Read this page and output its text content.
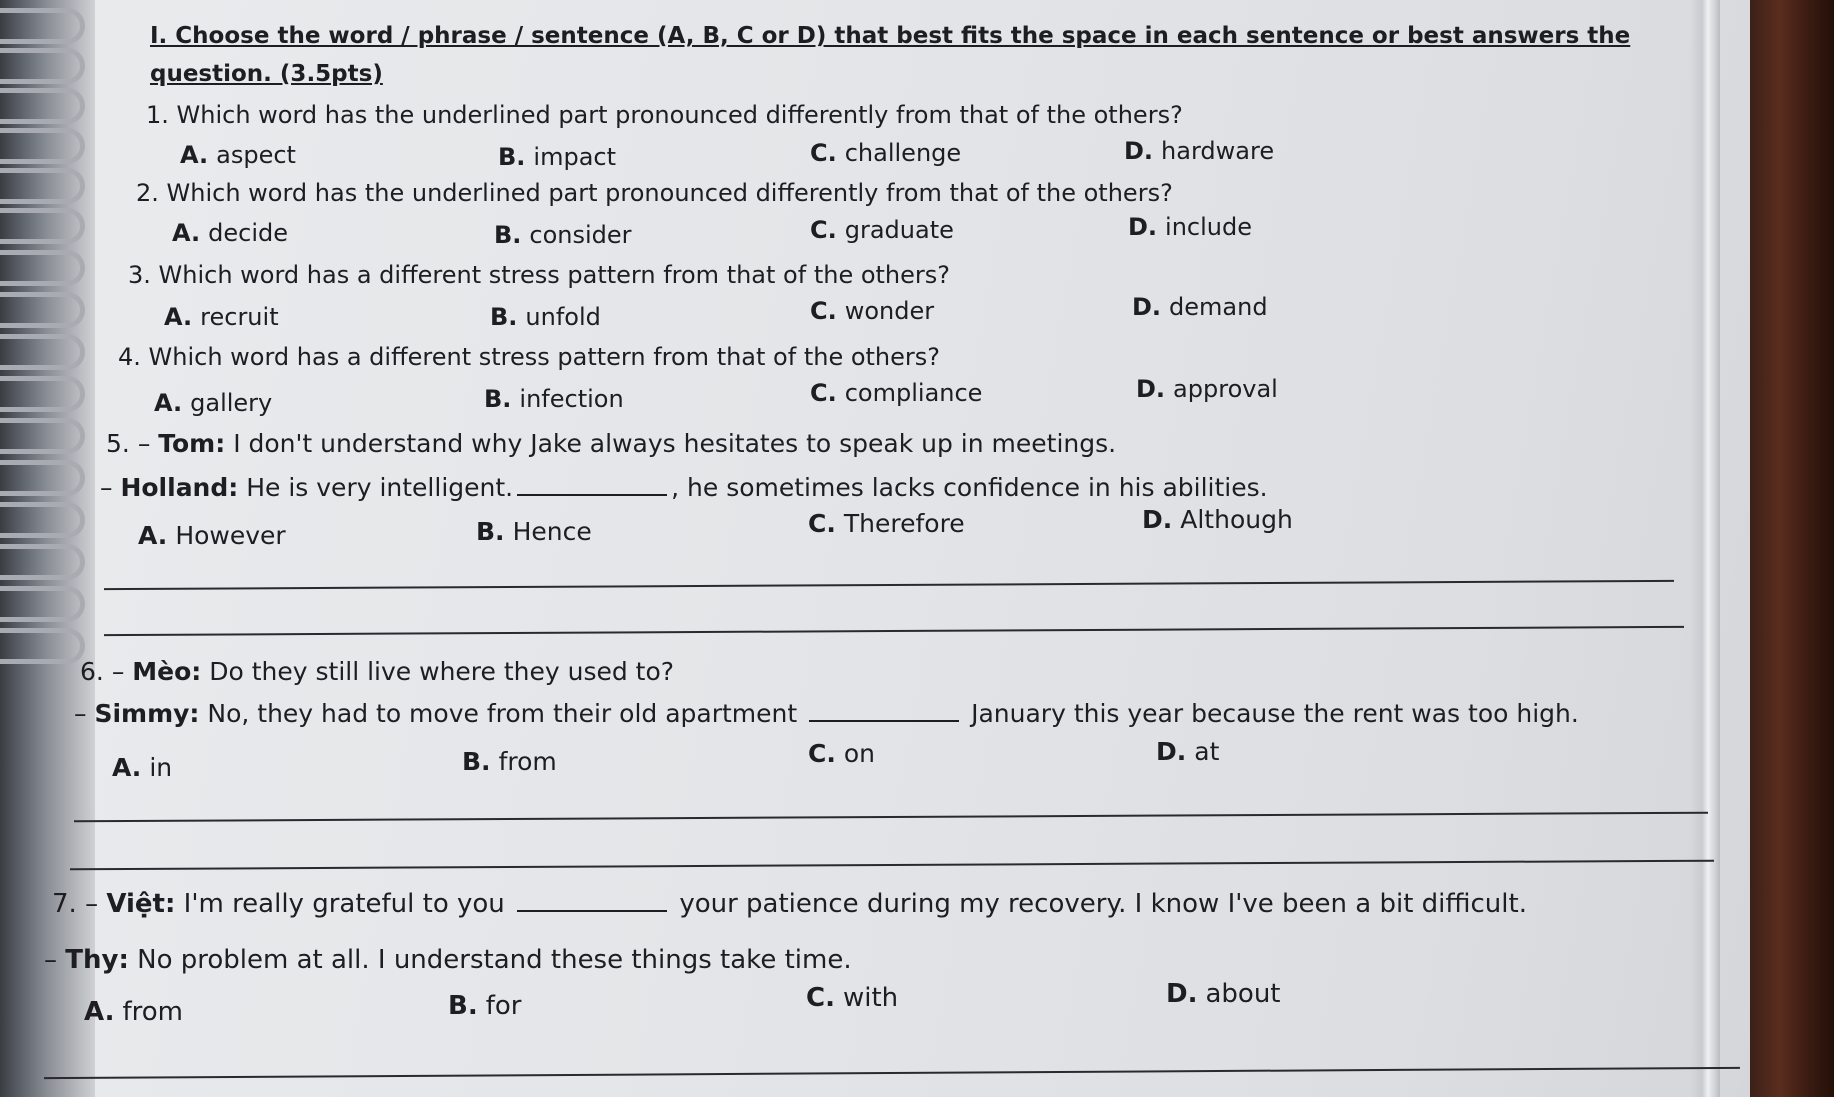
I. Choose the word / phrase / sentence (A, B, C or D) that best fits the space in each sentence or best answers the
question. (3.5pts)
1. Which word has the underlined part pronounced differently from that of the others?
A. aspect	B. impact	C. challenge	D. hardware
2. Which word has the underlined part pronounced differently from that of the others?
A. decide	B. consider	C. graduate	D. include
3. Which word has a different stress pattern from that of the others?
A. recruit	B. unfold	C. wonder	D. demand
4. Which word has a different stress pattern from that of the others?
A. gallery	B. infection	C. compliance	D. approval
5. – Tom: I don't understand why Jake always hesitates to speak up in meetings.
– Holland: He is very intelligent.	, he sometimes lacks confidence in his abilities.
A. However	B. Hence	C. Therefore	D. Although
6. – Mèo: Do they still live where they used to?
– Simmy: No, they had to move from their old apartment	January this year because the rent was too high.
A. in	B. from	C. on	D. at
7. – Việt: I'm really grateful to you	your patience during my recovery. I know I've been a bit difficult.
– Thy: No problem at all. I understand these things take time.
A. from	B. for	C. with	D. about
